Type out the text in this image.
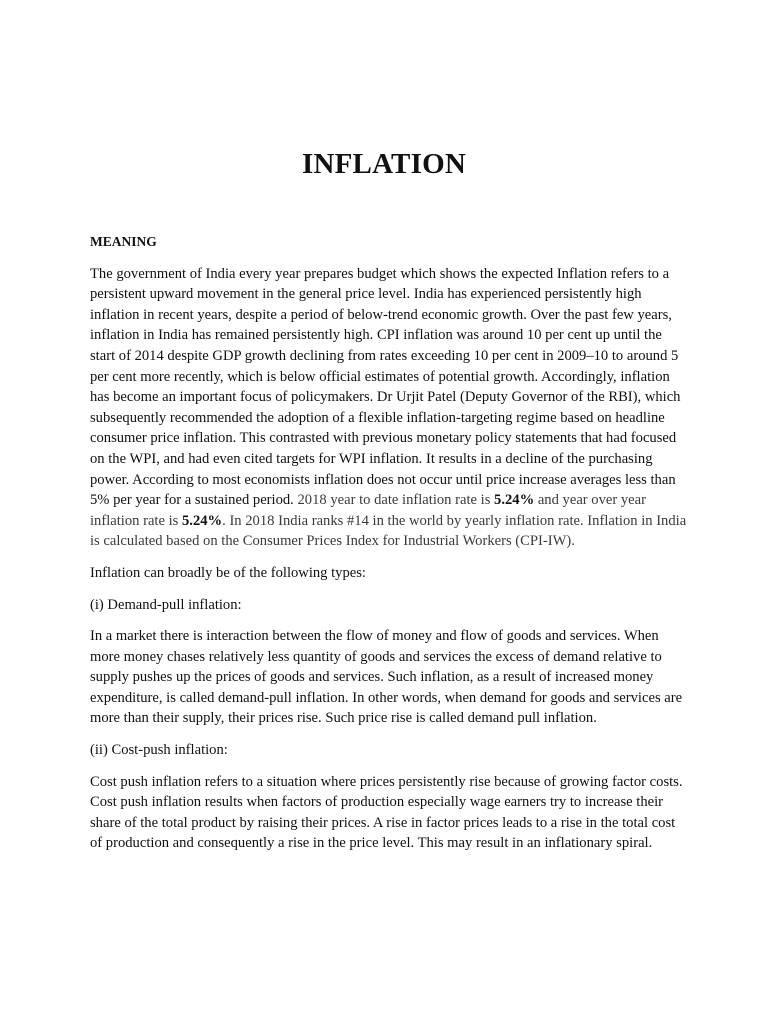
INFLATION
MEANING

The government of India every year prepares budget which shows the expected Inflation refers to a persistent upward movement in the general price level. India has experienced persistently high inflation in recent years, despite a period of below-trend economic growth. Over the past few years, inflation in India has remained persistently high. CPI inflation was around 10 per cent up until the start of 2014 despite GDP growth declining from rates exceeding 10 per cent in 2009–10 to around 5 per cent more recently, which is below official estimates of potential growth. Accordingly, inflation has become an important focus of policymakers. Dr Urjit Patel (Deputy Governor of the RBI), which subsequently recommended the adoption of a flexible inflation-targeting regime based on headline consumer price inflation. This contrasted with previous monetary policy statements that had focused on the WPI, and had even cited targets for WPI inflation. It results in a decline of the purchasing power. According to most economists inflation does not occur until price increase averages less than 5% per year for a sustained period. 2018 year to date inflation rate is 5.24% and year over year inflation rate is 5.24%. In 2018 India ranks #14 in the world by yearly inflation rate. Inflation in India is calculated based on the Consumer Prices Index for Industrial Workers (CPI-IW).

Inflation can broadly be of the following types:

(i) Demand-pull inflation:

In a market there is interaction between the flow of money and flow of goods and services. When more money chases relatively less quantity of goods and services the excess of demand relative to supply pushes up the prices of goods and services. Such inflation, as a result of increased money expenditure, is called demand-pull inflation. In other words, when demand for goods and services are more than their supply, their prices rise. Such price rise is called demand pull inflation.

(ii) Cost-push inflation:

Cost push inflation refers to a situation where prices persistently rise because of growing factor costs. Cost push inflation results when factors of production especially wage earners try to increase their share of the total product by raising their prices. A rise in factor prices leads to a rise in the total cost of production and consequently a rise in the price level. This may result in an inflationary spiral.
